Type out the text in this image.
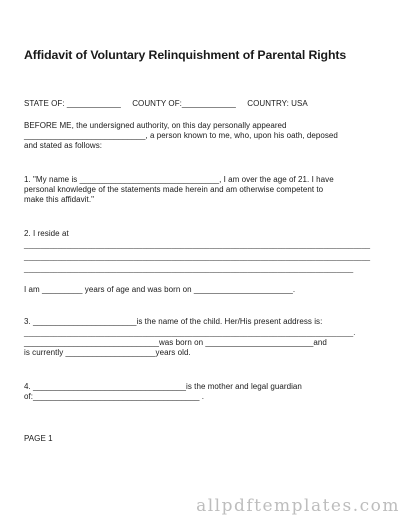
Affidavit of Voluntary Relinquishment of Parental Rights
STATE OF: ____________     COUNTY OF:____________     COUNTRY: USA
BEFORE ME, the undersigned authority, on this day personally appeared
___________________________, a person known to me, who, upon his oath, deposed
and stated as follows:
1. "My name is _______________________________, I am over the age of 21. I have
personal knowledge of the statements made herein and am otherwise competent to
make this affidavit."
2. I reside at
__________________________________________________________________________________
__________________________________________________________________________________
______________________________________________________________________________
I am _________ years of age and was born on ______________________.
3. _______________________is the name of the child. Her/His present address is:
______________________________________________________________________________.
______________________________was born on ________________________and
is currently ____________________years old.
4. __________________________________is the mother and legal guardian
of:_____________________________________ .
PAGE 1
allpdftemplates.com
